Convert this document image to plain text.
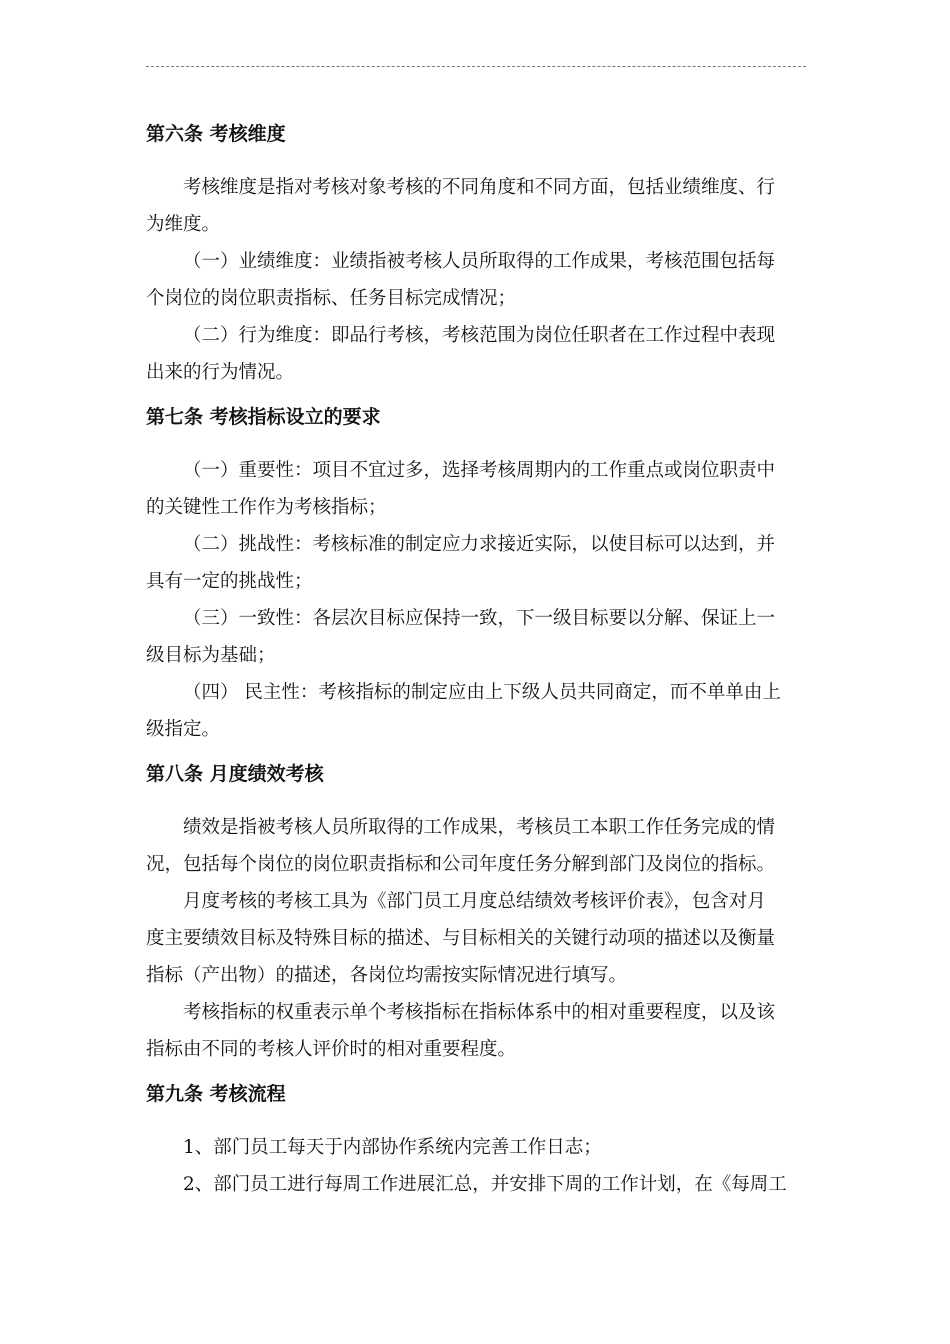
第六条 考核维度
考核维度是指对考核对象考核的不同角度和不同方面，包括业绩维度、行
为维度。
（一）业绩维度：业绩指被考核人员所取得的工作成果，考核范围包括每
个岗位的岗位职责指标、任务目标完成情况；
（二）行为维度：即品行考核，考核范围为岗位任职者在工作过程中表现
出来的行为情况。
第七条 考核指标设立的要求
（一）重要性：项目不宜过多，选择考核周期内的工作重点或岗位职责中
的关键性工作作为考核指标；
（二）挑战性：考核标准的制定应力求接近实际，以使目标可以达到，并
具有一定的挑战性；
（三）一致性：各层次目标应保持一致，下一级目标要以分解、保证上一
级目标为基础；
（四） 民主性：考核指标的制定应由上下级人员共同商定，而不单单由上
级指定。
第八条 月度绩效考核
绩效是指被考核人员所取得的工作成果，考核员工本职工作任务完成的情
况，包括每个岗位的岗位职责指标和公司年度任务分解到部门及岗位的指标。
月度考核的考核工具为《部门员工月度总结绩效考核评价表》，包含对月
度主要绩效目标及特殊目标的描述、与目标相关的关键行动项的描述以及衡量
指标（产出物）的描述，各岗位均需按实际情况进行填写。
考核指标的权重表示单个考核指标在指标体系中的相对重要程度，以及该
指标由不同的考核人评价时的相对重要程度。
第九条 考核流程
1、部门员工每天于内部协作系统内完善工作日志；
2、部门员工进行每周工作进展汇总，并安排下周的工作计划，在《每周工
